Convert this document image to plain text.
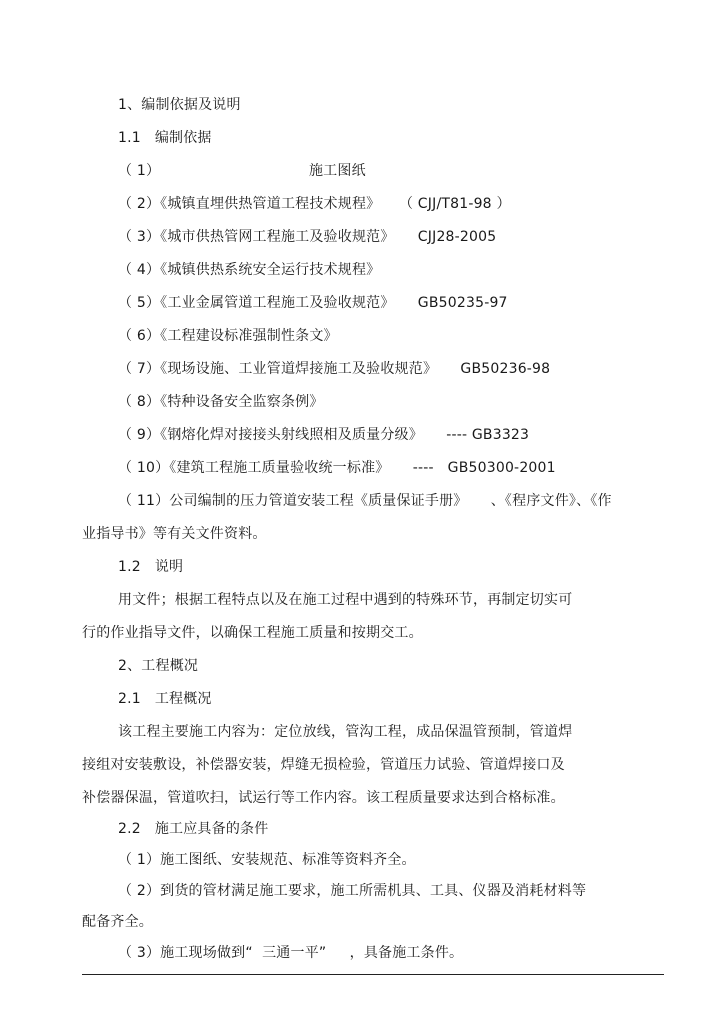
1、编制依据及说明
1.1   编制依据
（ 1）                                施工图纸
（ 2）《城镇直埋供热管道工程技术规程》    （ CJJ/T81-98 ）
（ 3）《城市供热管网工程施工及验收规范》     CJJ28-2005
（ 4）《城镇供热系统安全运行技术规程》
（ 5）《工业金属管道工程施工及验收规范》     GB50235-97
（ 6）《工程建设标准强制性条文》
（ 7）《现场设施、工业管道焊接施工及验收规范》     GB50236-98
（ 8）《特种设备安全监察条例》
（ 9）《钢熔化焊对接接头射线照相及质量分级》     ---- GB3323
（ 10）《建筑工程施工质量验收统一标准》     ----   GB50300-2001
（ 11）公司编制的压力管道安装工程《质量保证手册》     、《程序文件》、《作
业指导书》等有关文件资料。
1.2   说明
用文件；根据工程特点以及在施工过程中遇到的特殊环节，再制定切实可
行的作业指导文件，以确保工程施工质量和按期交工。
2、工程概况
2.1   工程概况
该工程主要施工内容为：定位放线，管沟工程，成品保温管预制，管道焊
接组对安装敷设，补偿器安装，焊缝无损检验，管道压力试验、管道焊接口及
补偿器保温，管道吹扫，试运行等工作内容。该工程质量要求达到合格标准。
2.2   施工应具备的条件
（ 1）施工图纸、安装规范、标准等资料齐全。
（ 2）到货的管材满足施工要求，施工所需机具、工具、仪器及消耗材料等
配备齐全。
（ 3）施工现场做到“  三通一平”     ，具备施工条件。
